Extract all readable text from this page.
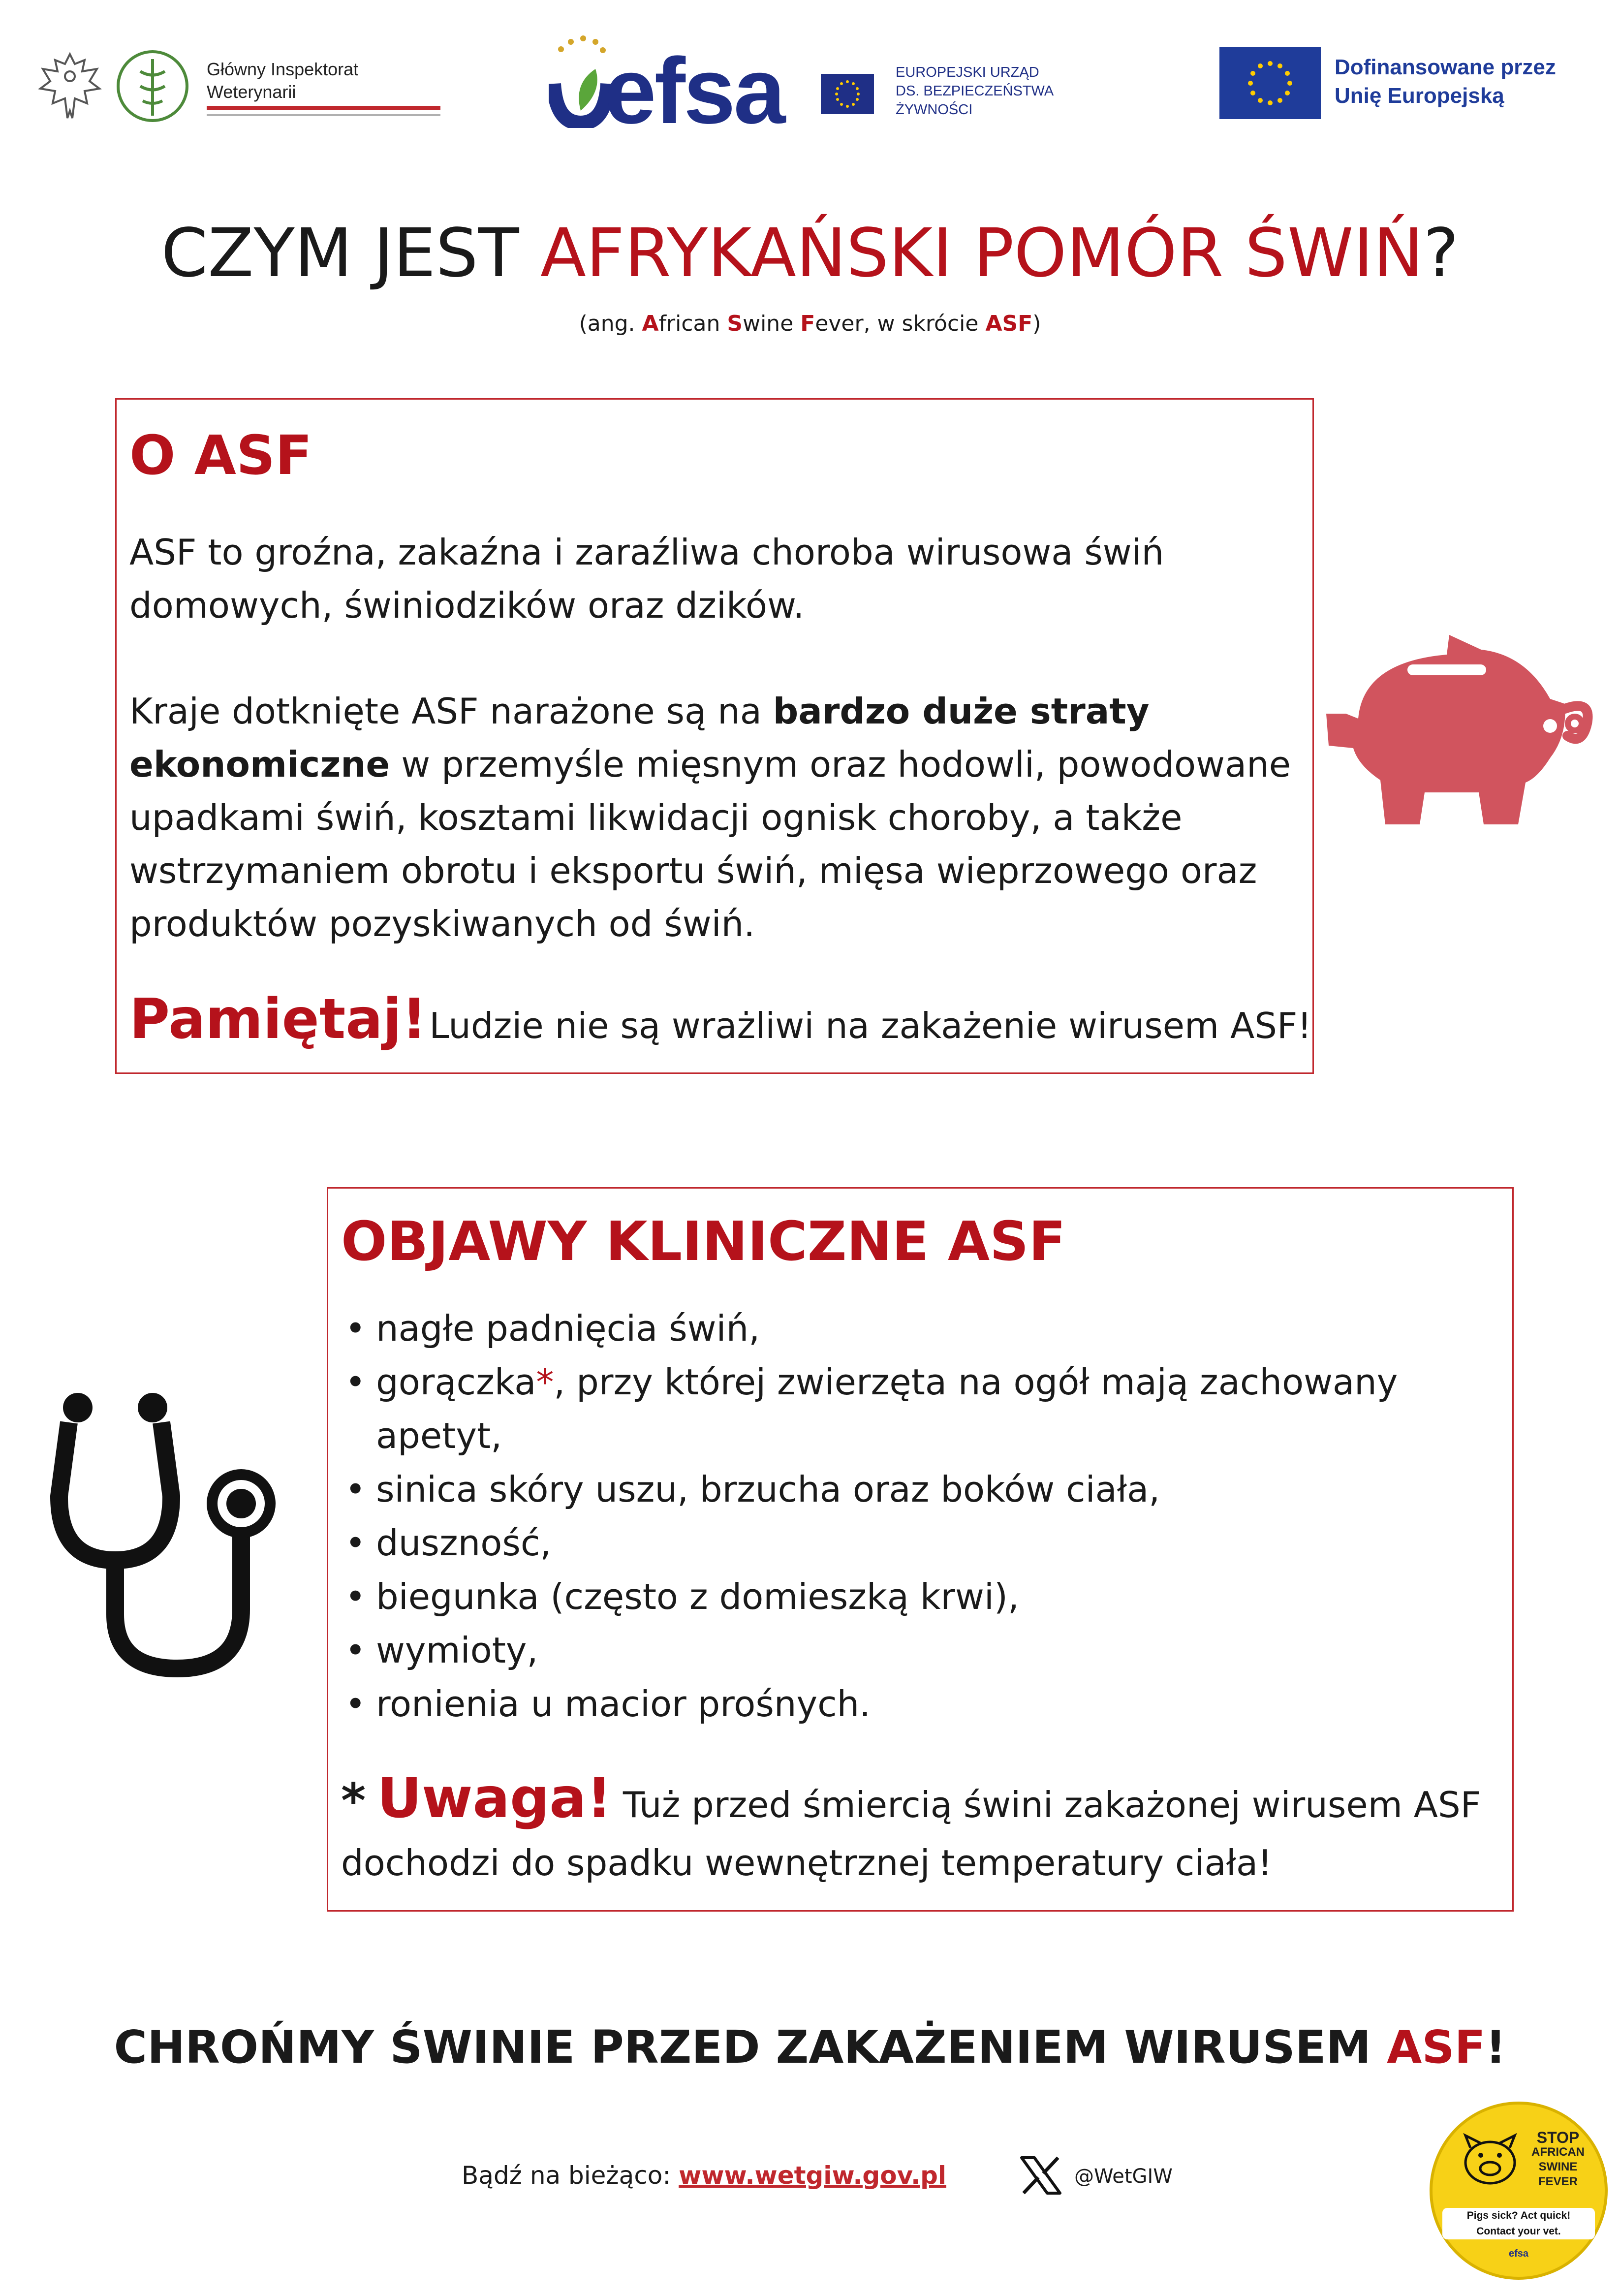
Główny Inspektorat
Weterynarii	efsa	EUROPEJSKI URZĄD
DS. BEZPIECZEŃSTWA
ŻYWNOŚCI
Dofinansowane przez
Unię Europejską
CZYM JEST AFRYKAŃSKI POMÓR ŚWIŃ?
(ang. African Swine Fever, w skrócie ASF)
O ASF
ASF to groźna, zakaźna i zaraźliwa choroba wirusowa świń domowych, świniodzików oraz dzików.
Kraje dotknięte ASF narażone są na bardzo duże straty ekonomiczne w przemyśle mięsnym oraz hodowli, powodowane upadkami świń, kosztami likwidacji ognisk choroby, a także wstrzymaniem obrotu i eksportu świń, mięsa wieprzowego oraz produktów pozyskiwanych od świń.
Pamiętaj! Ludzie nie są wrażliwi na zakażenie wirusem ASF!
OBJAWY KLINICZNE ASF
• nagłe padnięcia świń,
• gorączka*, przy której zwierzęta na ogół mają zachowany apetyt,
• sinica skóry uszu, brzucha oraz boków ciała,
• duszność,
• biegunka (często z domieszką krwi),
• wymioty,
• ronienia u macior prośnych.
* Uwaga! Tuż przed śmiercią świni zakażonej wirusem ASF dochodzi do spadku wewnętrznej temperatury ciała!
CHROŃMY ŚWINIE PRZED ZAKAŻENIEM WIRUSEM ASF!
Bądź na bieżąco: www.wetgiw.gov.pl	@WetGIW
STOP
AFRICAN
SWINE
FEVER
Pigs sick? Act quick!
Contact your vet.
efsa
